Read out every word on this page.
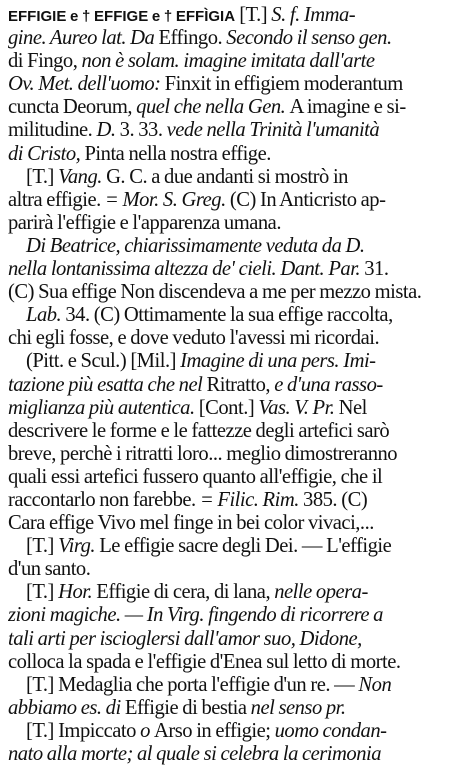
EFFIGIE e † EFFIGE e † EFFÌGIA [T.] S. f. Imma-
gine. Aureo lat. Da Effingo. Secondo il senso gen.
di Fingo, non è solam. imagine imitata dall'arte
Ov. Met. dell'uomo: Finxit in effigiem moderantum
cuncta Deorum, quel che nella Gen. A imagine e si-
militudine. D. 3. 33. vede nella Trinità l'umanità
di Cristo, Pinta nella nostra effige.
[T.] Vang. G. C. a due andanti si mostrò in
altra effigie. = Mor. S. Greg. (C) In Anticristo ap-
parirà l'effigie e l'apparenza umana.
Di Beatrice, chiarissimamente veduta da D.
nella lontanissima altezza de' cieli. Dant. Par. 31.
(C) Sua effige Non discendeva a me per mezzo mista.
Lab. 34. (C) Ottimamente la sua effige raccolta,
chi egli fosse, e dove veduto l'avessi mi ricordai.
(Pitt. e Scul.) [Mil.] Imagine di una pers. Imi-
tazione più esatta che nel Ritratto, e d'una rasso-
miglianza più autentica. [Cont.] Vas. V. Pr. Nel
descrivere le forme e le fattezze degli artefici sarò
breve, perchè i ritratti loro... meglio dimostreranno
quali essi artefici fussero quanto all'effigie, che il
raccontarlo non farebbe. = Filic. Rim. 385. (C)
Cara effige Vivo mel finge in bei color vivaci,...
[T.] Virg. Le effigie sacre degli Dei. — L'effigie
d'un santo.
[T.] Hor. Effigie di cera, di lana, nelle opera-
zioni magiche. — In Virg. fingendo di ricorrere a
tali arti per iscioglersi dall'amor suo, Didone,
colloca la spada e l'effigie d'Enea sul letto di morte.
[T.] Medaglia che porta l'effigie d'un re. — Non
abbiamo es. di Effigie di bestia nel senso pr.
[T.] Impiccato o Arso in effigie; uomo condan-
nato alla morte; al quale si celebra la cerimonia
